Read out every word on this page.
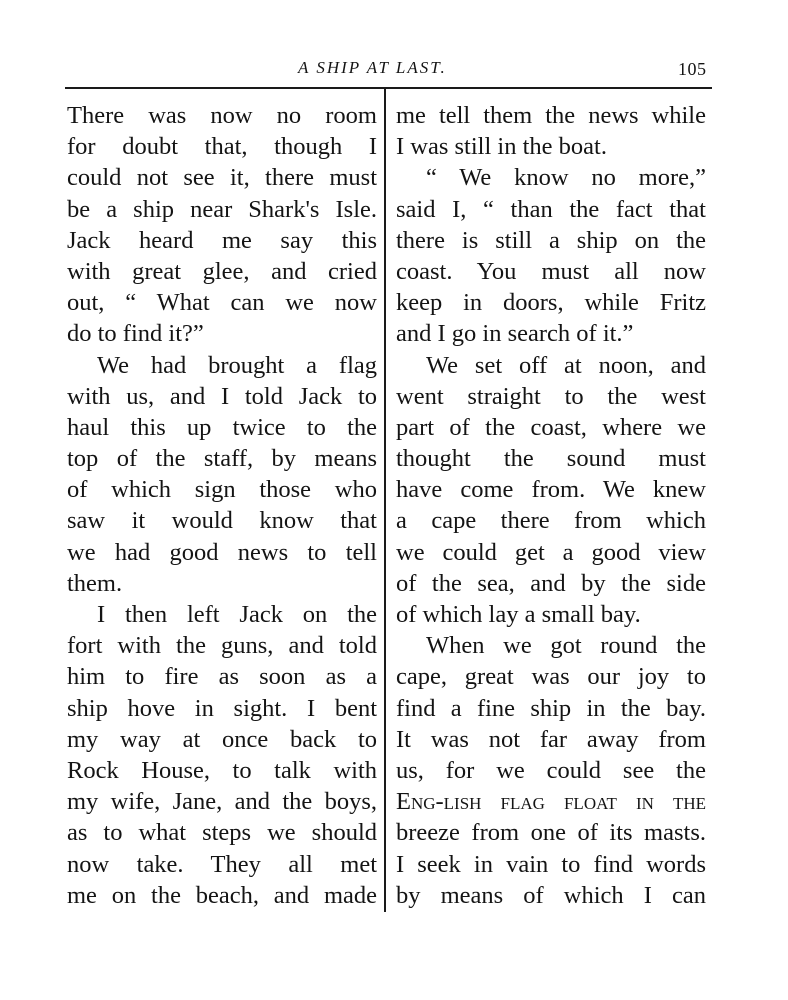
A SHIP AT LAST.	105
There was now no room
for doubt that, though I
could not see it, there must
be a ship near Shark's Isle.
Jack heard me say this
with great glee, and cried
out, “ What can we now
do to find it?”
We had brought a flag
with us, and I told Jack to
haul this up twice to the
top of the staff, by means
of which sign those who
saw it would know that
we had good news to tell
them.
I then left Jack on the
fort with the guns, and told
him to fire as soon as a
ship hove in sight. I bent
my way at once back to
Rock House, to talk with
my wife, Jane, and the boys,
as to what steps we should
now take. They all met
me on the beach, and made
me tell them the news while
I was still in the boat.
“ We know no more,”
said I, “ than the fact that
there is still a ship on the
coast. You must all now
keep in doors, while Fritz
and I go in search of it.”
We set off at noon, and
went straight to the west
part of the coast, where we
thought the sound must
have come from. We knew
a cape there from which
we could get a good view
of the sea, and by the side
of which lay a small bay.
When we got round the
cape, great was our joy to
find a fine ship in the bay.
It was not far away from
us, for we could see the
Eng-lish flag float in the
breeze from one of its masts.
I seek in vain to find words
by means of which I can
